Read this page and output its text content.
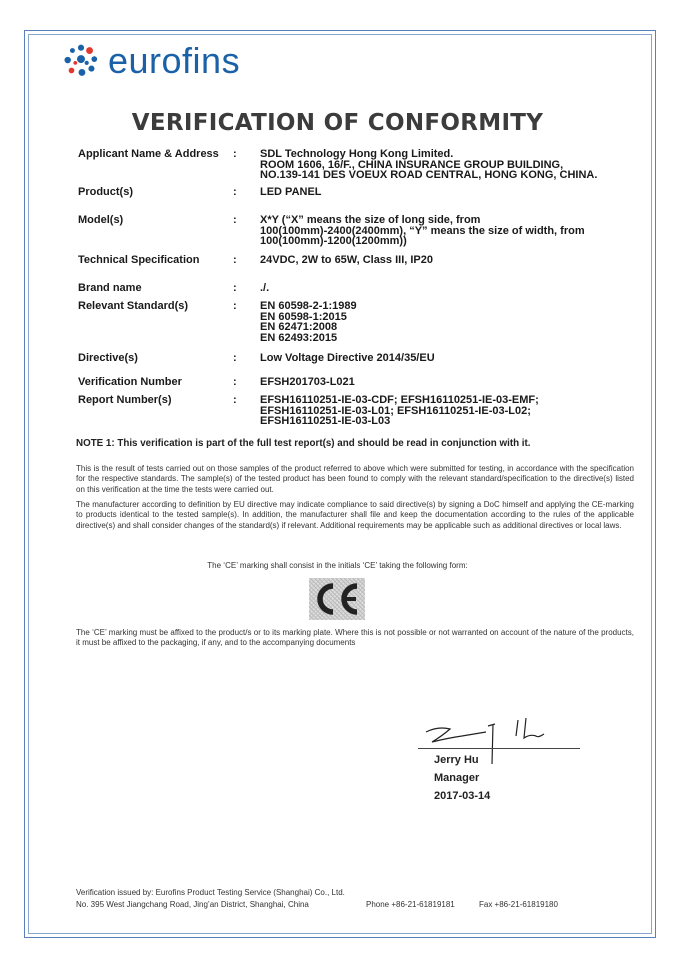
eurofins
VERIFICATION OF CONFORMITY
Applicant Name & Address	:	SDL Technology Hong Kong Limited.
ROOM 1606, 16/F., CHINA INSURANCE GROUP BUILDING,
NO.139-141 DES VOEUX ROAD CENTRAL, HONG KONG, CHINA.
Product(s)	:	LED PANEL
Model(s)	:	X*Y (“X” means the size of long side, from
100(100mm)-2400(2400mm), “Y” means the size of width, from
100(100mm)-1200(1200mm))
Technical Specification	:	24VDC, 2W to 65W, Class III, IP20
Brand name	:	./.
Relevant Standard(s)	:	EN 60598-2-1:1989
EN 60598-1:2015
EN 62471:2008
EN 62493:2015
Directive(s)	:	Low Voltage Directive 2014/35/EU
Verification Number	:	EFSH201703-L021
Report Number(s)	:	EFSH16110251-IE-03-CDF; EFSH16110251-IE-03-EMF;
EFSH16110251-IE-03-L01; EFSH16110251-IE-03-L02;
EFSH16110251-IE-03-L03
NOTE 1: This verification is part of the full test report(s) and should be read in conjunction with it.
This is the result of tests carried out on those samples of the product referred to above which were submitted for testing, in accordance with the specification for the respective standards. The sample(s) of the tested product has been found to comply with the relevant standard/specification to the directive(s) listed on this verification at the time the tests were carried out.
The manufacturer according to definition by EU directive may indicate compliance to said directive(s) by signing a DoC himself and applying the CE-marking to products identical to the tested sample(s). In addition, the manufacturer shall file and keep the documentation according to the rules of the applicable directive(s) and shall consider changes of the standard(s) if relevant. Additional requirements may be applicable such as additional directives or local laws.
The ‘CE’ marking shall consist in the initials ‘CE’ taking the following form:
The ‘CE’ marking must be affixed to the product/s or to its marking plate. Where this is not possible or not warranted on account of the nature of the products, it must be affixed to the packaging, if any, and to the accompanying documents
Jerry Hu
Manager
2017-03-14
Verification issued by: Eurofins Product Testing Service (Shanghai) Co., Ltd.
No. 395 West Jiangchang Road, Jing’an District, Shanghai, China	Phone +86-21-61819181	Fax +86-21-61819180
